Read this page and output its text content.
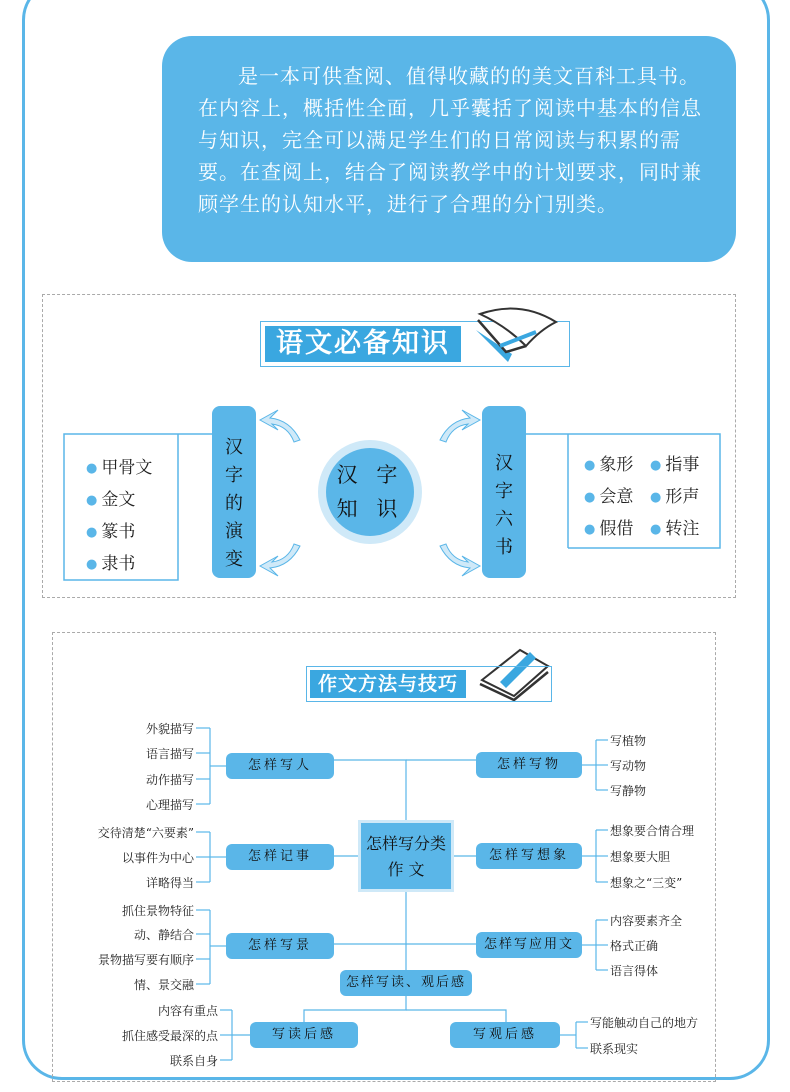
是一本可供查阅、值得收藏的的美文百科工具书。在内容上，概括性全面，几乎囊括了阅读中基本的信息与知识，完全可以满足学生们的日常阅读与积累的需要。在查阅上，结合了阅读教学中的计划要求，同时兼顾学生的认知水平，进行了合理的分门别类。
语文必备知识
汉
字
的
演
变
汉
字
六
书
汉 字
知 识
● 甲骨文
● 金文
● 篆书
● 隶书
● 象形	● 指事
● 会意	● 形声
● 假借	● 转注
作文方法与技巧
怎样写分类
作 文
怎样写人	怎样写物
怎样记事	怎样写想象
怎样写景	怎样写应用文
怎样写读、观后感
写读后感	写观后感
外貌描写
语言描写
动作描写
心理描写
写植物
写动物
写静物
交待清楚“六要素”
以事件为中心
详略得当
想象要合情合理
想象要大胆
想象之“三变”
抓住景物特征
动、静结合
景物描写要有顺序
情、景交融
内容要素齐全
格式正确
语言得体
内容有重点
抓住感受最深的点
联系自身
写能触动自己的地方
联系现实
